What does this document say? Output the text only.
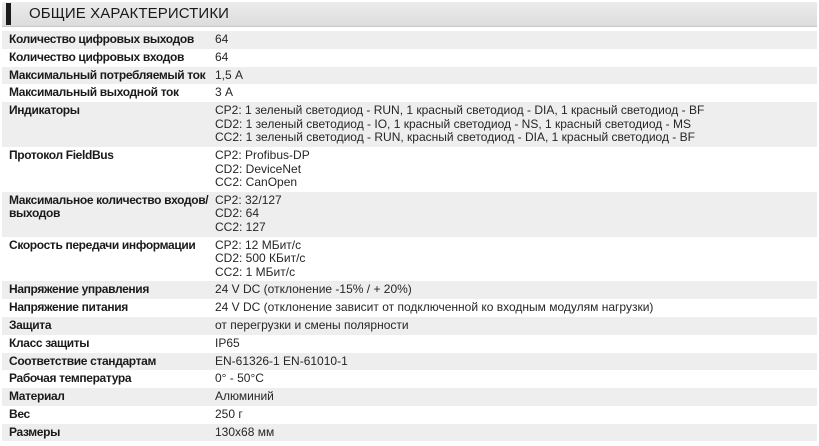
ОБЩИЕ ХАРАКТЕРИСТИКИ
Количество цифровых выходов	64

Количество цифровых входов	64

Максимальный потребляемый ток	1,5 А

Максимальный выходной ток	3 А

Индикаторы	CP2: 1 зеленый светодиод - RUN, 1 красный светодиод - DIA, 1 красный светодиод - BF
CD2: 1 зеленый светодиод - IO, 1 красный светодиод - NS, 1 красный светодиод - MS
CC2: 1 зеленый светодиод - RUN, красный светодиод - DIA, 1 красный светодиод - BF

Протокол FieldBus	CP2: Profibus-DP
CD2: DeviceNet
CC2: CanOpen

Максимальное количество входов/выходов	CP2: 32/127
CD2: 64
CC2: 127

Скорость передачи информации	CP2: 12 МБит/с
CD2: 500 КБит/с
CC2: 1 МБит/с

Напряжение управления	24 V DC (отклонение -15% / + 20%)

Напряжение питания	24 V DC (отклонение зависит от подключенной ко входным модулям нагрузки)

Защита	от перегрузки и смены полярности

Класс защиты	IP65

Соответствие стандартам	EN-61326-1 EN-61010-1

Рабочая температура	0° - 50°С

Материал	Алюминий

Вес	250 г

Размеры	130х68 мм
